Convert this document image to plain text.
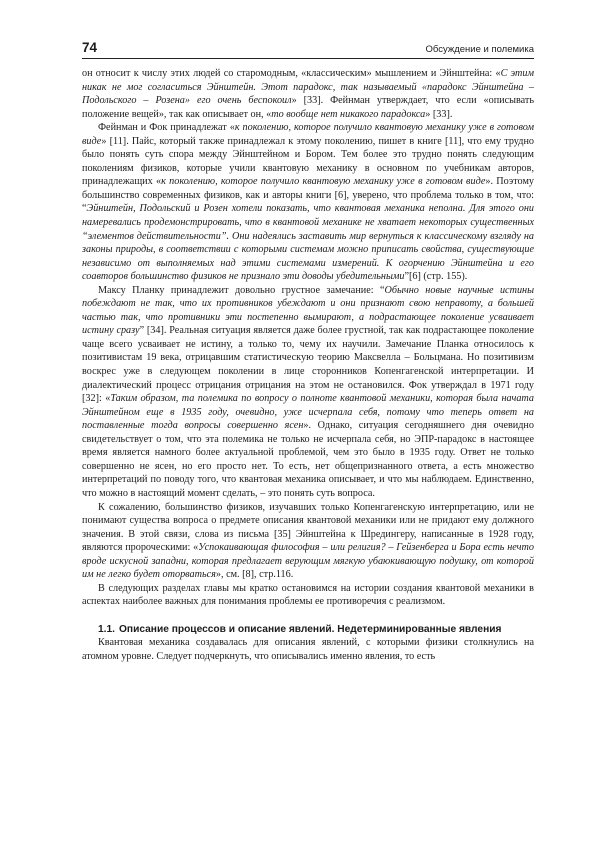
74	Обсуждение и полемика

он относит к числу этих людей со старомодным, «классическим» мышлением и Эйнштейна: «С этим никак не мог согласиться Эйнштейн. Этот парадокс, так называемый «парадокс Эйнштейна – Подольского – Розена» его очень беспокоил» [33]. Фейнман утверждает, что если «описывать положение вещей», так как описывает он, «то вообще нет никакого парадокса» [33].

Фейнман и Фок принадлежат «к поколению, которое получило квантовую механику уже в готовом виде» [11]. Пайс, который также принадлежал к этому поколению, пишет в книге [11], что ему трудно было понять суть спора между Эйнштейном и Бором. Тем более это трудно понять следующим поколениям физиков, которые учили квантовую механику в основном по учебникам авторов, принадлежащих «к поколению, которое получило квантовую механику уже в готовом виде». Поэтому большинство современных физиков, как и авторы книги [6], уверено, что проблема только в том, что: “Эйнштейн, Подольский и Розен хотели показать, что квантовая механика неполна. Для этого они намеревались продемонстрировать, что в квантовой механике не хватает некоторых существенных “элементов действительности”. Они надеялись заставить мир вернуться к классическому взгляду на законы природы, в соответствии с которыми системам можно приписать свойства, существующие независимо от выполняемых над этими системами измерений. К огорчению Эйнштейна и его соавторов большинство физиков не признало эти доводы убедительными”[6] (стр. 155).

Максу Планку принадлежит довольно грустное замечание: “Обычно новые научные истины побеждают не так, что их противников убеждают и они признают свою неправоту, а большей частью так, что противники эти постепенно вымирают, а подрастающее поколение усваивает истину сразу” [34]. Реальная ситуация является даже более грустной, так как подрастающее поколение чаще всего усваивает не истину, а только то, чему их научили. Замечание Планка относилось к позитивистам 19 века, отрицавшим статистическую теорию Максвелла – Больцмана. Но позитивизм воскрес уже в следующем поколении в лице сторонников Копенгагенской интерпретации. И диалектический процесс отрицания отрицания на этом не остановился. Фок утверждал в 1971 году [32]: «Таким образом, та полемика по вопросу о полноте квантовой механики, которая была начата Эйнштейном еще в 1935 году, очевидно, уже исчерпала себя, потому что теперь ответ на поставленные тогда вопросы совершенно ясен». Однако, ситуация сегодняшнего дня очевидно свидетельствует о том, что эта полемика не только не исчерпала себя, но ЭПР-парадокс в настоящее время является намного более актуальной проблемой, чем это было в 1935 году. Ответ не только совершенно не ясен, но его просто нет. То есть, нет общепризнанного ответа, а есть множество интерпретаций по поводу того, что квантовая механика описывает, и что мы наблюдаем. Единственно, что можно в настоящий момент сделать, – это понять суть вопроса.

К сожалению, большинство физиков, изучавших только Копенгагенскую интерпретацию, или не понимают существа вопроса о предмете описания квантовой механики или не придают ему должного значения. В этой связи, слова из письма [35] Эйнштейна к Шредингеру, написанные в 1928 году, являются пророческими: «Успокаивающая философия – или религия? – Гейзенберга и Бора есть нечто вроде искусной западни, которая предлагает верующим мягкую убаюкивающую подушку, от которой им не легко будет оторваться», см. [8], стр.116.

В следующих разделах главы мы кратко остановимся на истории создания квантовой механики в аспектах наиболее важных для понимания проблемы ее противоречия с реализмом.

1.1. Описание процессов и описание явлений. Недетерминированные явления

Квантовая механика создавалась для описания явлений, с которыми физики столкнулись на атомном уровне. Следует подчеркнуть, что описывались именно явления, то есть
